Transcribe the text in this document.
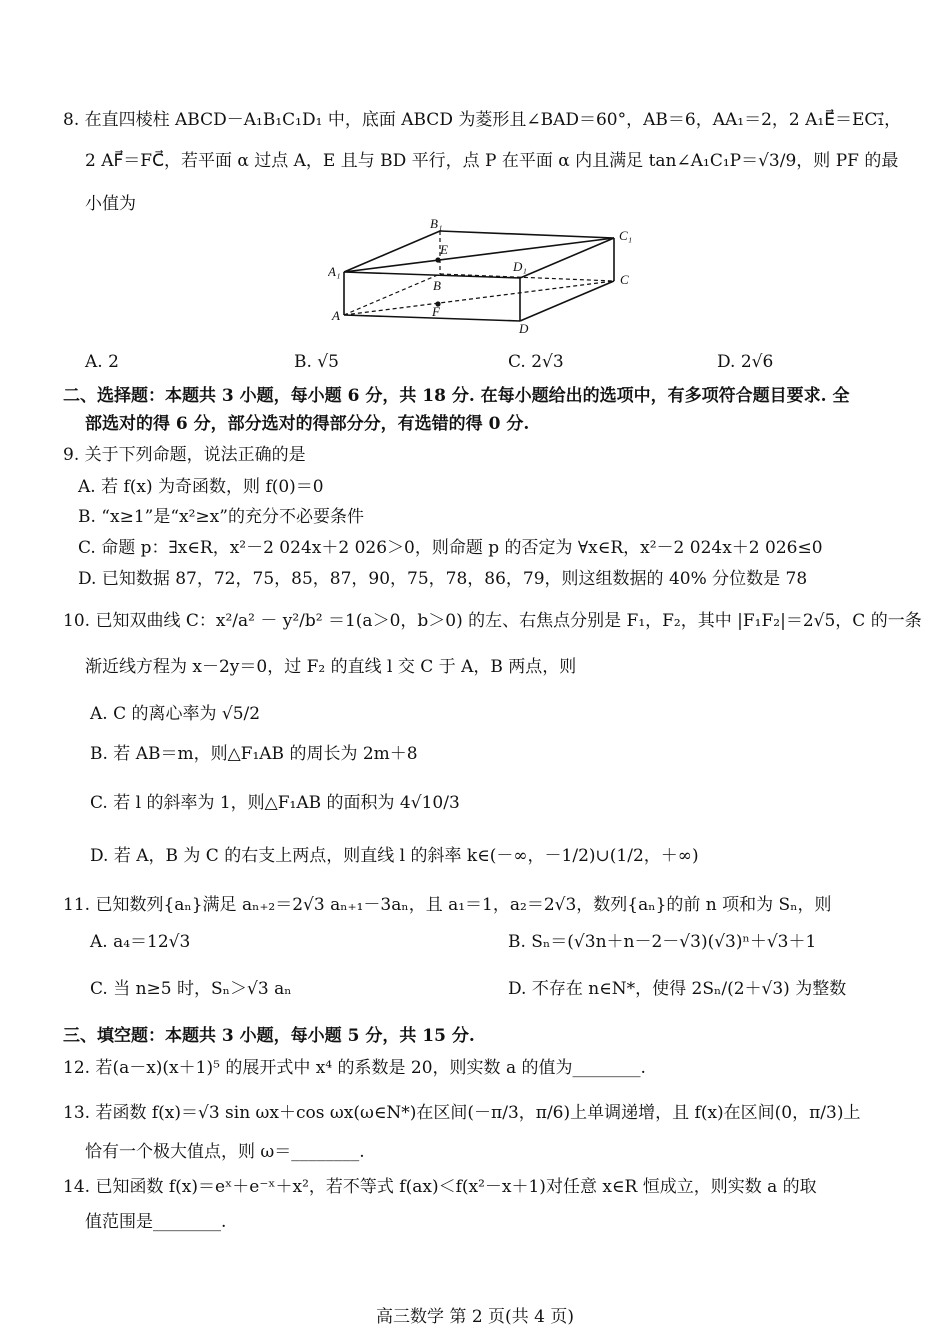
8. 在直四棱柱 ABCD－A₁B₁C₁D₁ 中，底面 ABCD 为菱形且∠BAD＝60°，AB＝6，AA₁＝2，2 A₁E⃗＝EC₁⃗，
2 AF⃗＝FC⃗，若平面 α 过点 A，E 且与 BD 平行，点 P 在平面 α 内且满足 tan∠A₁C₁P＝√3/9，则 PF 的最
小值为
B₁
C₁
A₁	D₁
E
B	C
A	F
D
A. 2	B. √5	C. 2√3	D. 2√6
二、选择题：本题共 3 小题，每小题 6 分，共 18 分. 在每小题给出的选项中，有多项符合题目要求. 全
部选对的得 6 分，部分选对的得部分分，有选错的得 0 分.
9. 关于下列命题，说法正确的是
A. 若 f(x) 为奇函数，则 f(0)＝0
B. “x≥1”是“x²≥x”的充分不必要条件
C. 命题 p：∃x∈R，x²－2 024x＋2 026＞0，则命题 p 的否定为 ∀x∈R，x²－2 024x＋2 026≤0
D. 已知数据 87，72，75，85，87，90，75，78，86，79，则这组数据的 40% 分位数是 78
10. 已知双曲线 C：x²/a² － y²/b² ＝1(a＞0，b＞0) 的左、右焦点分别是 F₁，F₂，其中 |F₁F₂|＝2√5，C 的一条
渐近线方程为 x－2y＝0，过 F₂ 的直线 l 交 C 于 A，B 两点，则
A. C 的离心率为 √5/2
B. 若 AB＝m，则△F₁AB 的周长为 2m＋8
C. 若 l 的斜率为 1，则△F₁AB 的面积为 4√10/3
D. 若 A，B 为 C 的右支上两点，则直线 l 的斜率 k∈(－∞，－1/2)∪(1/2，＋∞)
11. 已知数列{aₙ}满足 aₙ₊₂＝2√3 aₙ₊₁－3aₙ，且 a₁＝1，a₂＝2√3，数列{aₙ}的前 n 项和为 Sₙ，则
A. a₄＝12√3	B. Sₙ＝(√3n＋n－2－√3)(√3)ⁿ＋√3＋1
C. 当 n≥5 时，Sₙ＞√3 aₙ	D. 不存在 n∈N*，使得 2Sₙ/(2＋√3) 为整数
三、填空题：本题共 3 小题，每小题 5 分，共 15 分.
12. 若(a－x)(x＋1)⁵ 的展开式中 x⁴ 的系数是 20，则实数 a 的值为________.
13. 若函数 f(x)＝√3 sin ωx＋cos ωx(ω∈N*)在区间(－π/3，π/6)上单调递增，且 f(x)在区间(0，π/3)上
恰有一个极大值点，则 ω＝________.
14. 已知函数 f(x)＝eˣ＋e⁻ˣ＋x²，若不等式 f(ax)＜f(x²－x＋1)对任意 x∈R 恒成立，则实数 a 的取
值范围是________.
高三数学 第 2 页(共 4 页)
